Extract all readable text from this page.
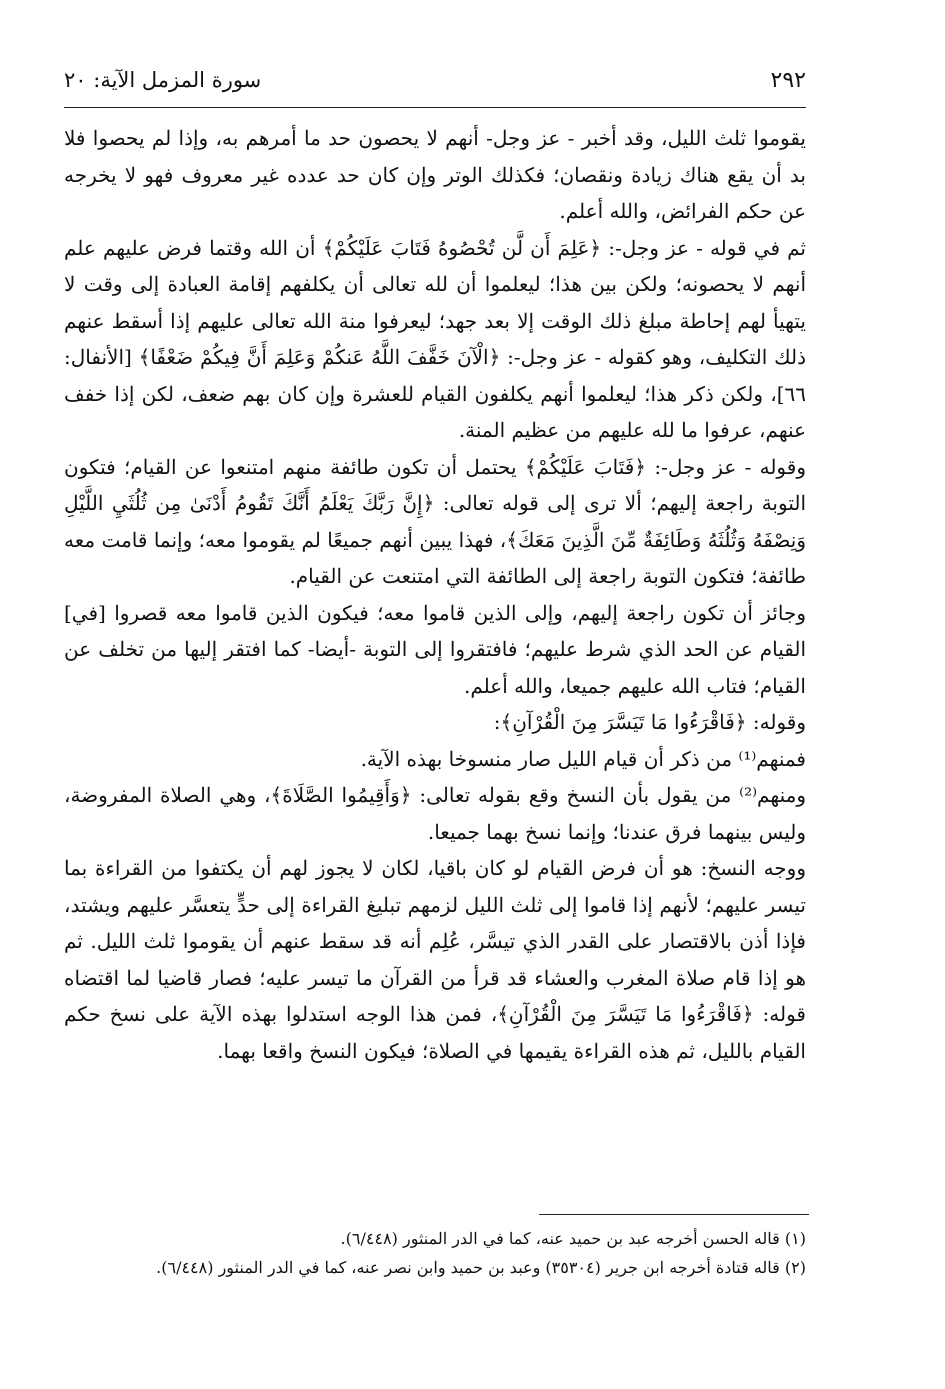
٢٩٢
سورة المزمل الآية: ٢٠

يقوموا ثلث الليل، وقد أخبر - عز وجل- أنهم لا يحصون حد ما أمرهم به، وإذا لم يحصوا فلا بد أن يقع هناك زيادة ونقصان؛ فكذلك الوتر وإن كان حد عدده غير معروف فهو لا يخرجه عن حكم الفرائض، والله أعلم.

ثم في قوله - عز وجل-: ﴿عَلِمَ أَن لَّن تُحْصُوهُ فَتَابَ عَلَيْكُمْ﴾ أن الله وقتما فرض عليهم علم أنهم لا يحصونه؛ ولكن بين هذا؛ ليعلموا أن لله تعالى أن يكلفهم إقامة العبادة إلى وقت لا يتهيأ لهم إحاطة مبلغ ذلك الوقت إلا بعد جهد؛ ليعرفوا منة الله تعالى عليهم إذا أسقط عنهم ذلك التكليف، وهو كقوله - عز وجل-: ﴿الْآنَ خَفَّفَ اللَّهُ عَنكُمْ وَعَلِمَ أَنَّ فِيكُمْ ضَعْفًا﴾ [الأنفال: ٦٦]، ولكن ذكر هذا؛ ليعلموا أنهم يكلفون القيام للعشرة وإن كان بهم ضعف، لكن إذا خفف عنهم، عرفوا ما لله عليهم من عظيم المنة.

وقوله - عز وجل-: ﴿فَتَابَ عَلَيْكُمْ﴾ يحتمل أن تكون طائفة منهم امتنعوا عن القيام؛ فتكون التوبة راجعة إليهم؛ ألا ترى إلى قوله تعالى: ﴿إِنَّ رَبَّكَ يَعْلَمُ أَنَّكَ تَقُومُ أَدْنَىٰ مِن ثُلُثَيِ اللَّيْلِ وَنِصْفَهُ وَثُلُثَهُ وَطَائِفَةٌ مِّنَ الَّذِينَ مَعَكَ﴾، فهذا يبين أنهم جميعًا لم يقوموا معه؛ وإنما قامت معه طائفة؛ فتكون التوبة راجعة إلى الطائفة التي امتنعت عن القيام.

وجائز أن تكون راجعة إليهم، وإلى الذين قاموا معه؛ فيكون الذين قاموا معه قصروا [في] القيام عن الحد الذي شرط عليهم؛ فافتقروا إلى التوبة -أيضا- كما افتقر إليها من تخلف عن القيام؛ فتاب الله عليهم جميعا، والله أعلم.

وقوله: ﴿فَاقْرَءُوا مَا تَيَسَّرَ مِنَ الْقُرْآنِ﴾:

فمنهم⁽¹⁾ من ذكر أن قيام الليل صار منسوخا بهذه الآية.

ومنهم⁽²⁾ من يقول بأن النسخ وقع بقوله تعالى: ﴿وَأَقِيمُوا الصَّلَاةَ﴾، وهي الصلاة المفروضة، وليس بينهما فرق عندنا؛ وإنما نسخ بهما جميعا.

ووجه النسخ: هو أن فرض القيام لو كان باقيا، لكان لا يجوز لهم أن يكتفوا من القراءة بما تيسر عليهم؛ لأنهم إذا قاموا إلى ثلث الليل لزمهم تبليغ القراءة إلى حدٍّ يتعسَّر عليهم ويشتد، فإذا أذن بالاقتصار على القدر الذي تيسَّر، عُلِم أنه قد سقط عنهم أن يقوموا ثلث الليل. ثم هو إذا قام صلاة المغرب والعشاء قد قرأ من القرآن ما تيسر عليه؛ فصار قاضيا لما اقتضاه قوله: ﴿فَاقْرَءُوا مَا تَيَسَّرَ مِنَ الْقُرْآنِ﴾، فمن هذا الوجه استدلوا بهذه الآية على نسخ حكم القيام بالليل، ثم هذه القراءة يقيمها في الصلاة؛ فيكون النسخ واقعا بهما.

(١) قاله الحسن أخرجه عبد بن حميد عنه، كما في الدر المنثور (٦/٤٤٨).

(٢) قاله قتادة أخرجه ابن جرير (٣٥٣٠٤) وعبد بن حميد وابن نصر عنه، كما في الدر المنثور (٦/٤٤٨).
